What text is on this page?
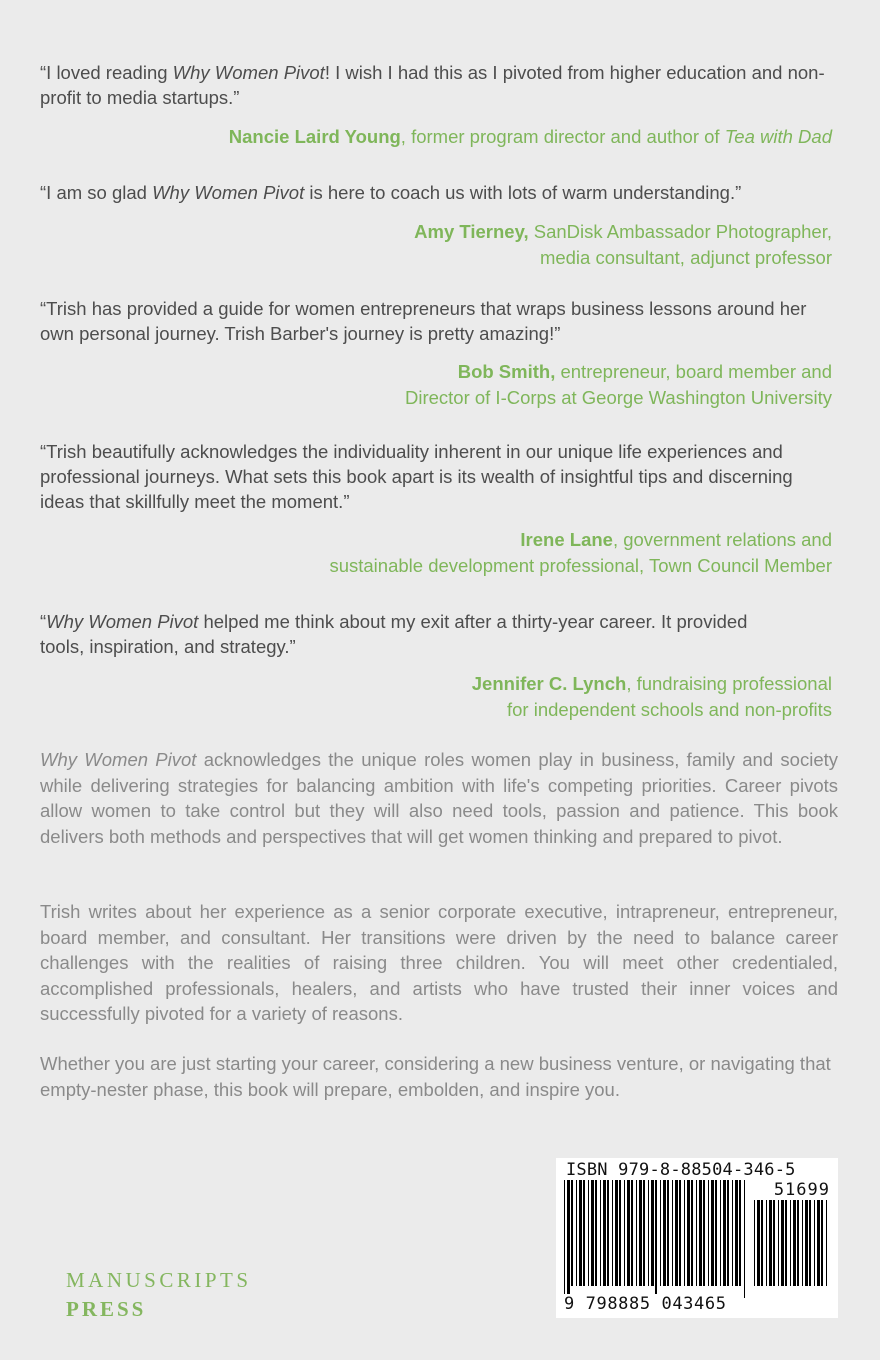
“I loved reading Why Women Pivot! I wish I had this as I pivoted from higher education and non-profit to media startups.”
Nancie Laird Young, former program director and author of Tea with Dad
“I am so glad Why Women Pivot is here to coach us with lots of warm understanding.”
Amy Tierney, SanDisk Ambassador Photographer,
media consultant, adjunct professor
“Trish has provided a guide for women entrepreneurs that wraps business lessons around her own personal journey. Trish Barber's journey is pretty amazing!”
Bob Smith, entrepreneur, board member and
Director of I-Corps at George Washington University
“Trish beautifully acknowledges the individuality inherent in our unique life experiences and professional journeys. What sets this book apart is its wealth of insightful tips and discerning ideas that skillfully meet the moment.”
Irene Lane, government relations and
sustainable development professional, Town Council Member
“Why Women Pivot helped me think about my exit after a thirty-year career. It provided tools, inspiration, and strategy.”
Jennifer C. Lynch, fundraising professional
for independent schools and non-profits
Why Women Pivot acknowledges the unique roles women play in business, family and society while delivering strategies for balancing ambition with life's competing priorities. Career pivots allow women to take control but they will also need tools, passion and patience. This book delivers both methods and perspectives that will get women thinking and prepared to pivot.
Trish writes about her experience as a senior corporate executive, intrapreneur, entrepreneur, board member, and consultant. Her transitions were driven by the need to balance career challenges with the realities of raising three children. You will meet other credentialed, accomplished professionals, healers, and artists who have trusted their inner voices and successfully pivoted for a variety of reasons.
Whether you are just starting your career, considering a new business venture, or navigating that empty-nester phase, this book will prepare, embolden, and inspire you.
ISBN 979-8-88504-346-5
51699
9 798885 043465
MANUSCRIPTS
PRESS
